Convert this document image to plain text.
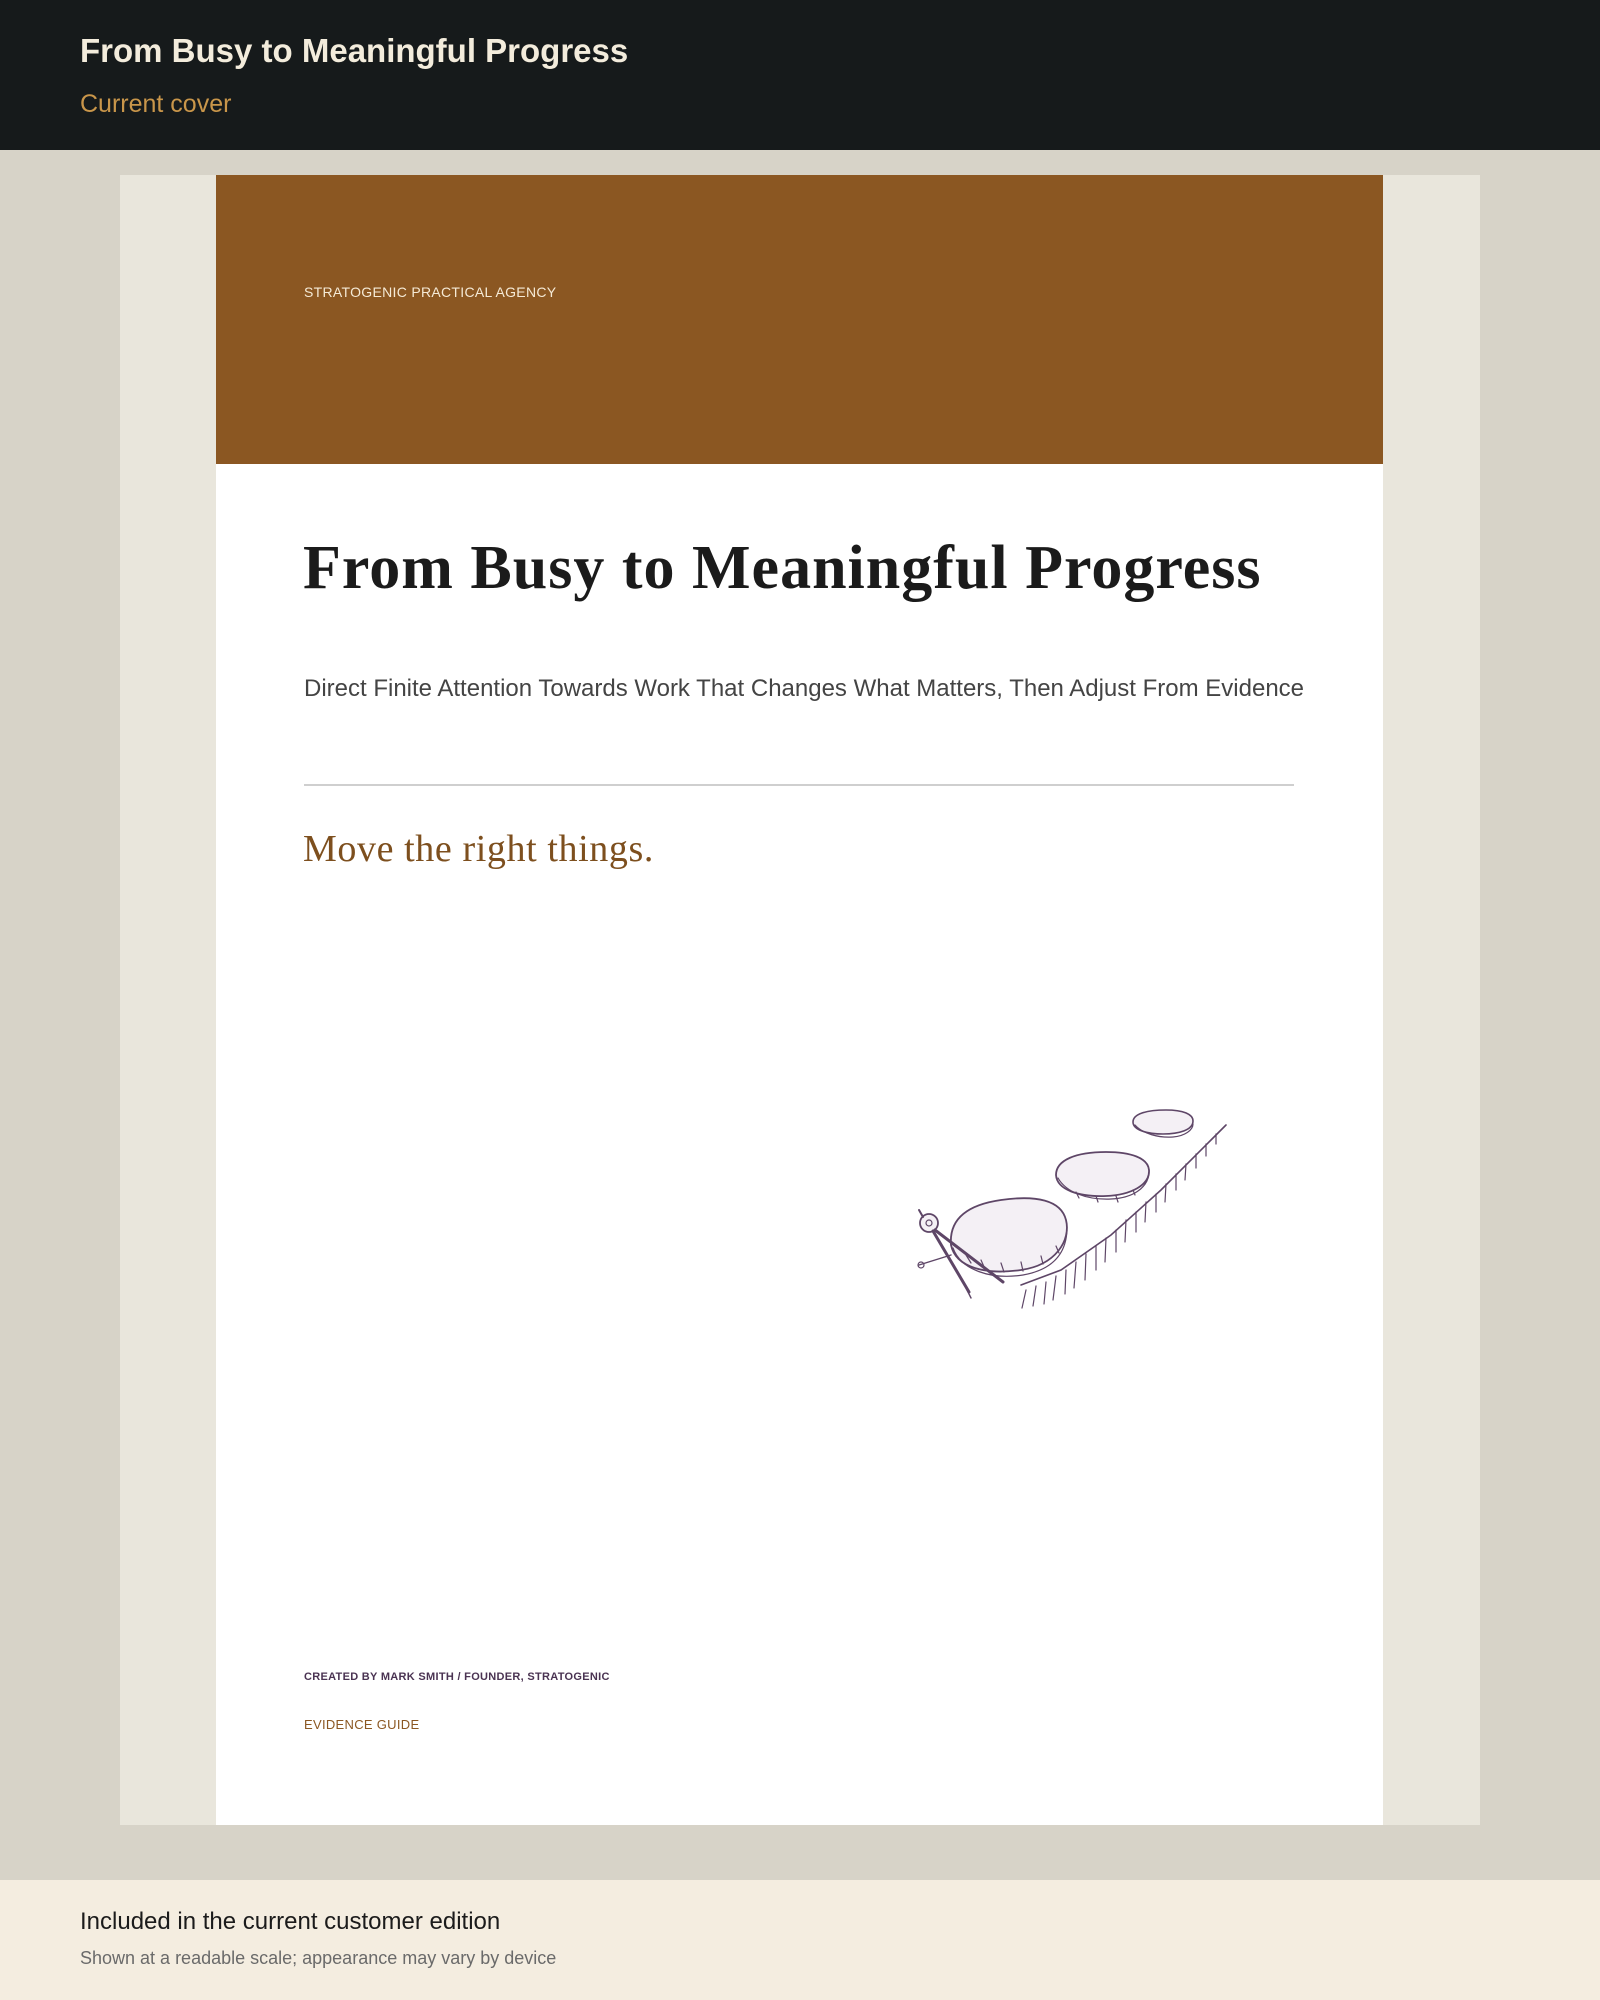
From Busy to Meaningful Progress
Current cover
STRATOGENIC PRACTICAL AGENCY
From Busy to Meaningful Progress
Direct Finite Attention Towards Work That Changes What Matters, Then Adjust From Evidence
Move the right things.
CREATED BY MARK SMITH / FOUNDER, STRATOGENIC
EVIDENCE GUIDE
Included in the current customer edition
Shown at a readable scale; appearance may vary by device
